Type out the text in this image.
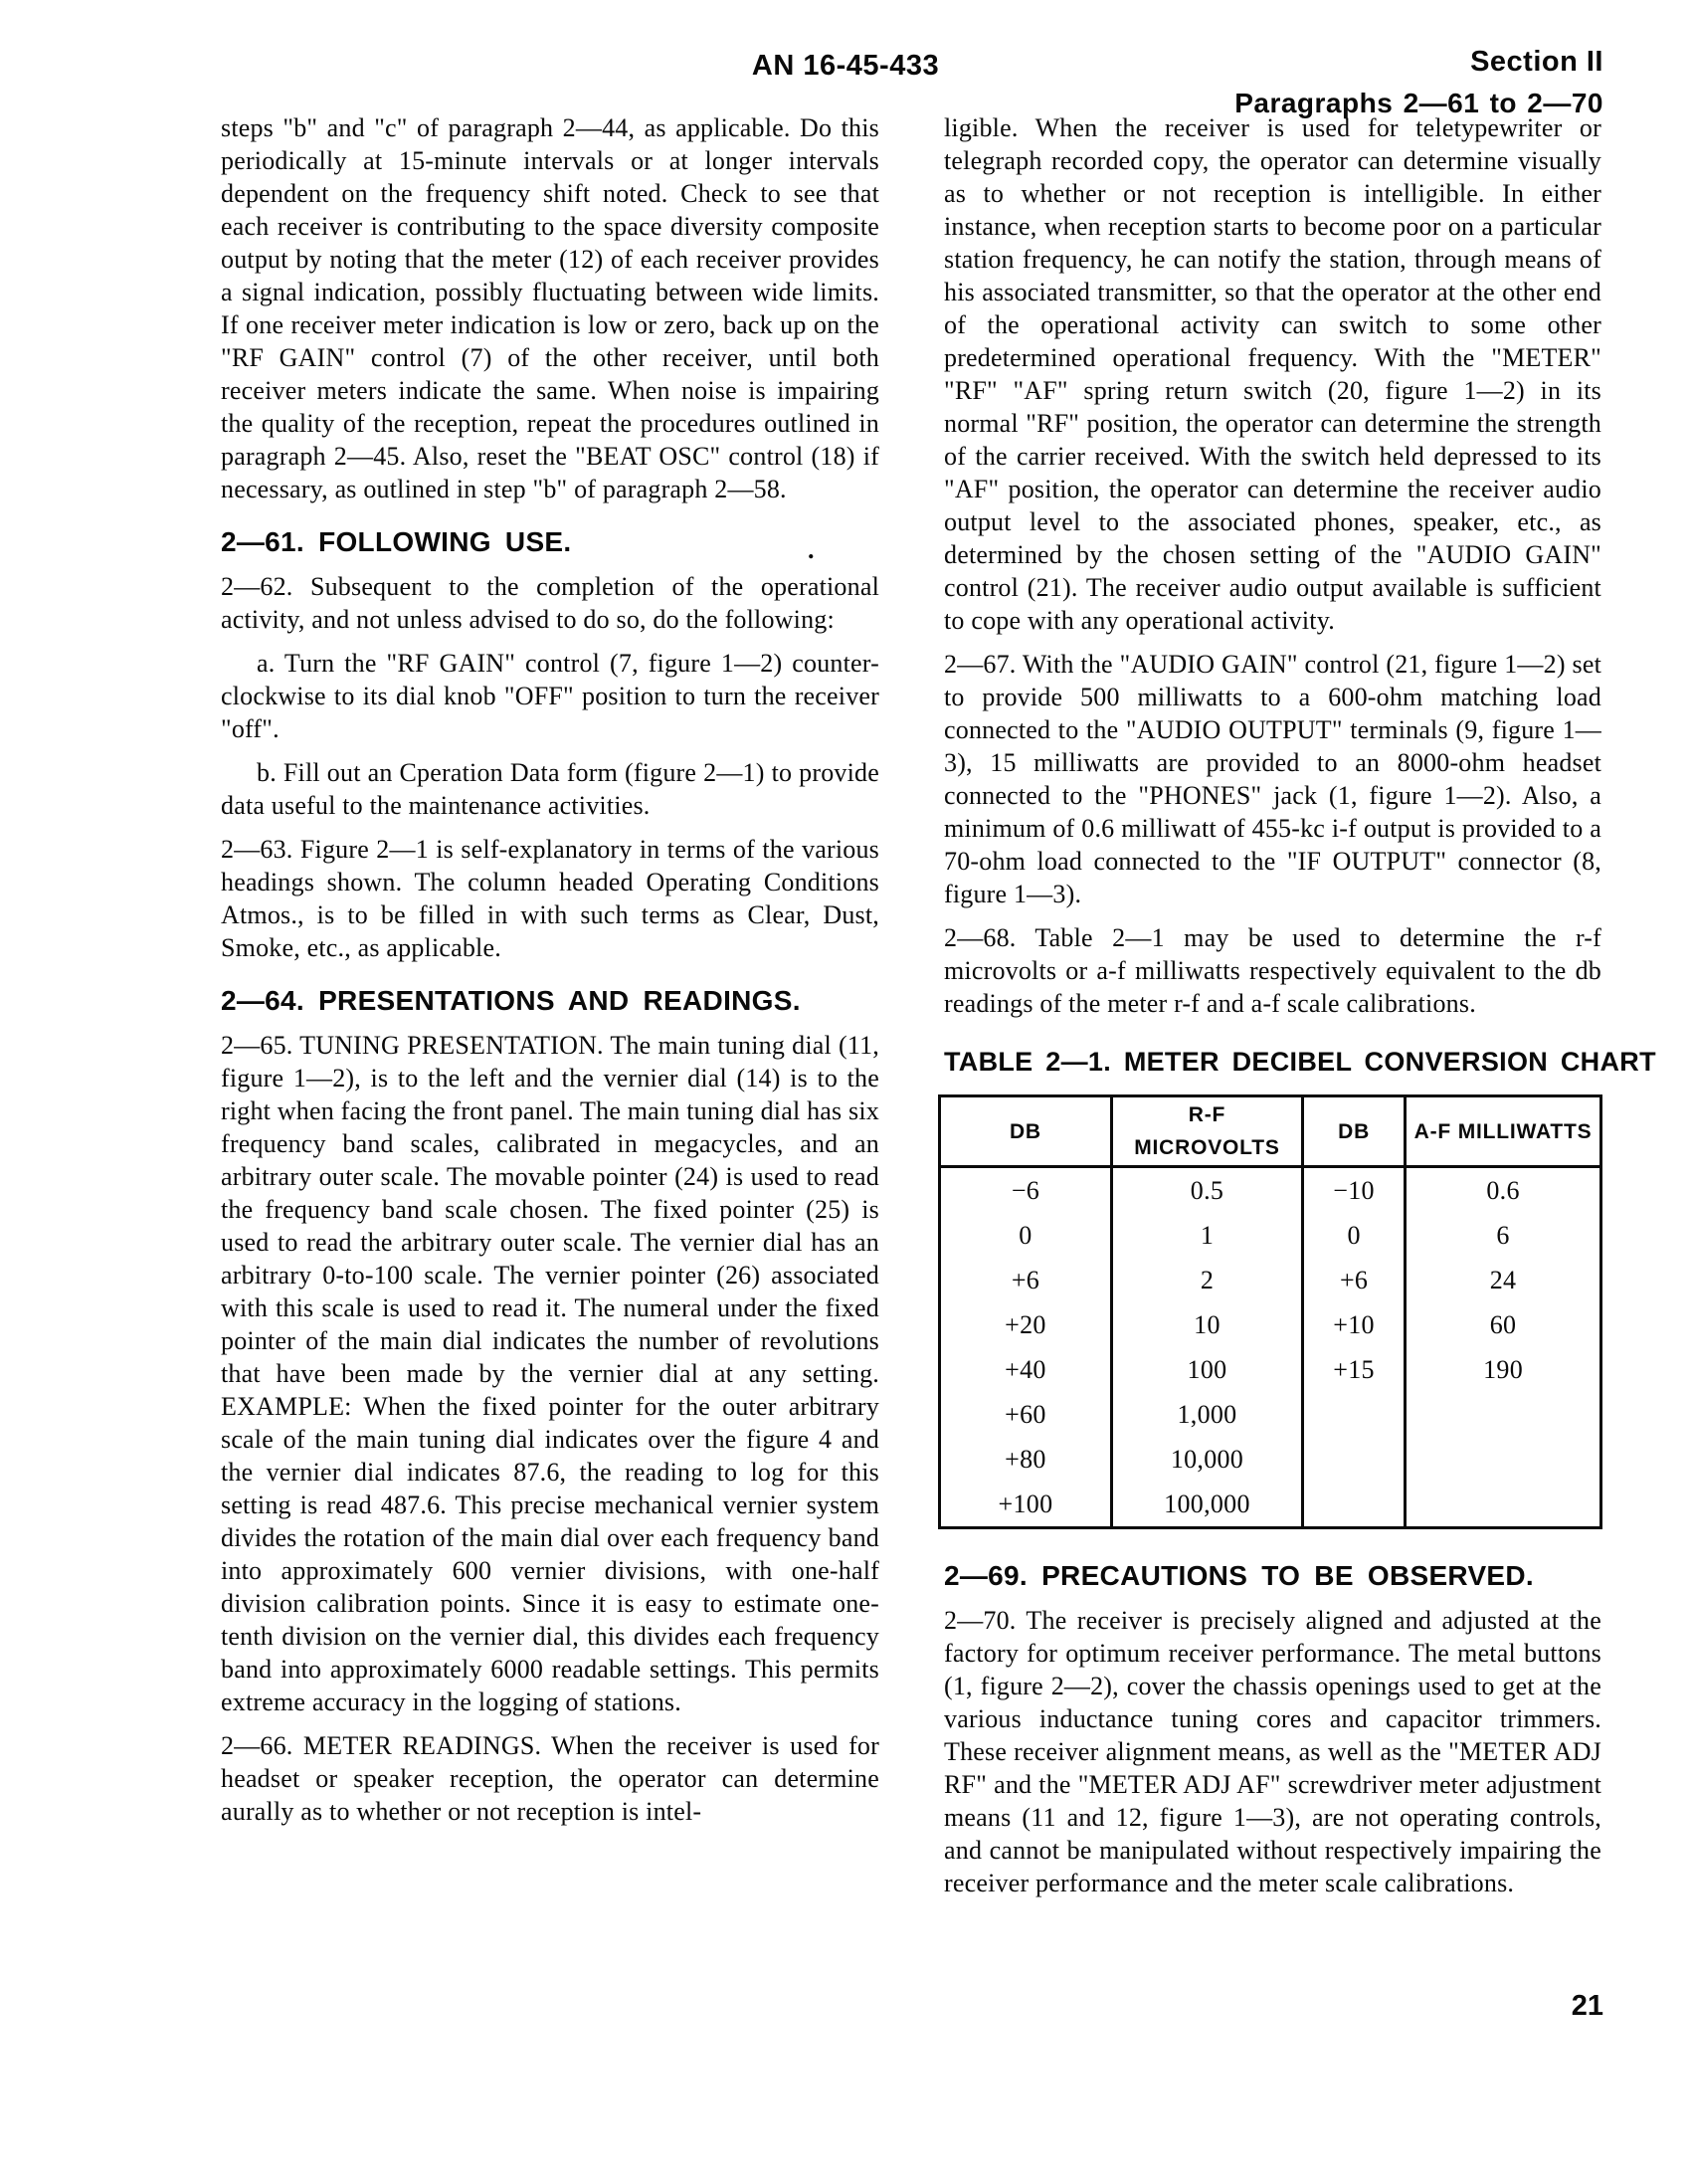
AN 16-45-433	Section II
Paragraphs 2—61 to 2—70

steps "b" and "c" of paragraph 2—44, as applicable. Do this periodically at 15-minute intervals or at longer intervals dependent on the frequency shift noted. Check to see that each receiver is contributing to the space diversity composite output by noting that the meter (12) of each receiver provides a signal indication, possibly fluctuating between wide limits. If one receiver meter indication is low or zero, back up on the "RF GAIN" control (7) of the other receiver, until both receiver meters indicate the same. When noise is impairing the quality of the reception, repeat the procedures outlined in paragraph 2—45. Also, reset the "BEAT OSC" control (18) if necessary, as outlined in step "b" of paragraph 2—58.

2—61. FOLLOWING USE.

2—62. Subsequent to the completion of the operational activity, and not unless advised to do so, do the following:

a. Turn the "RF GAIN" control (7, figure 1—2) counter-clockwise to its dial knob "OFF" position to turn the receiver "off".

b. Fill out an Cperation Data form (figure 2—1) to provide data useful to the maintenance activities.

2—63. Figure 2—1 is self-explanatory in terms of the various headings shown. The column headed Operating Conditions Atmos., is to be filled in with such terms as Clear, Dust, Smoke, etc., as applicable.

2—64. PRESENTATIONS AND READINGS.

2—65. TUNING PRESENTATION. The main tuning dial (11, figure 1—2), is to the left and the vernier dial (14) is to the right when facing the front panel. The main tuning dial has six frequency band scales, calibrated in megacycles, and an arbitrary outer scale. The movable pointer (24) is used to read the frequency band scale chosen. The fixed pointer (25) is used to read the arbitrary outer scale. The vernier dial has an arbitrary 0-to-100 scale. The vernier pointer (26) associated with this scale is used to read it. The numeral under the fixed pointer of the main dial indicates the number of revolutions that have been made by the vernier dial at any setting. EXAMPLE: When the fixed pointer for the outer arbitrary scale of the main tuning dial indicates over the figure 4 and the vernier dial indicates 87.6, the reading to log for this setting is read 487.6. This precise mechanical vernier system divides the rotation of the main dial over each frequency band into approximately 600 vernier divisions, with one-half division calibration points. Since it is easy to estimate one-tenth division on the vernier dial, this divides each frequency band into approximately 6000 readable settings. This permits extreme accuracy in the logging of stations.

2—66. METER READINGS. When the receiver is used for headset or speaker reception, the operator can determine aurally as to whether or not reception is intel-

.

ligible. When the receiver is used for teletypewriter or telegraph recorded copy, the operator can determine visually as to whether or not reception is intelligible. In either instance, when reception starts to become poor on a particular station frequency, he can notify the station, through means of his associated transmitter, so that the operator at the other end of the operational activity can switch to some other predetermined operational frequency. With the "METER" "RF" "AF" spring return switch (20, figure 1—2) in its normal "RF" position, the operator can determine the strength of the carrier received. With the switch held depressed to its "AF" position, the operator can determine the receiver audio output level to the associated phones, speaker, etc., as determined by the chosen setting of the "AUDIO GAIN" control (21). The receiver audio output available is sufficient to cope with any operational activity.

2—67. With the "AUDIO GAIN" control (21, figure 1—2) set to provide 500 milliwatts to a 600-ohm matching load connected to the "AUDIO OUTPUT" terminals (9, figure 1—3), 15 milliwatts are provided to an 8000-ohm headset connected to the "PHONES" jack (1, figure 1—2). Also, a minimum of 0.6 milliwatt of 455-kc i-f output is provided to a 70-ohm load connected to the "IF OUTPUT" connector (8, figure 1—3).

2—68. Table 2—1 may be used to determine the r-f microvolts or a-f milliwatts respectively equivalent to the db readings of the meter r-f and a-f scale calibrations.

TABLE 2—1. METER DECIBEL CONVERSION CHART
DB	R-F MICROVOLTS	DB	A-F MILLIWATTS
−6	0.5	−10	0.6
0	1	0	6
+6	2	+6	24
+20	10	+10	60
+40	100	+15	190
+60	1,000		
+80	10,000		
+100	100,000		
2—69. PRECAUTIONS TO BE OBSERVED.

2—70. The receiver is precisely aligned and adjusted at the factory for optimum receiver performance. The metal buttons (1, figure 2—2), cover the chassis openings used to get at the various inductance tuning cores and capacitor trimmers. These receiver alignment means, as well as the "METER ADJ RF" and the "METER ADJ AF" screwdriver meter adjustment means (11 and 12, figure 1—3), are not operating controls, and cannot be manipulated without respectively impairing the receiver performance and the meter scale calibrations.

21
